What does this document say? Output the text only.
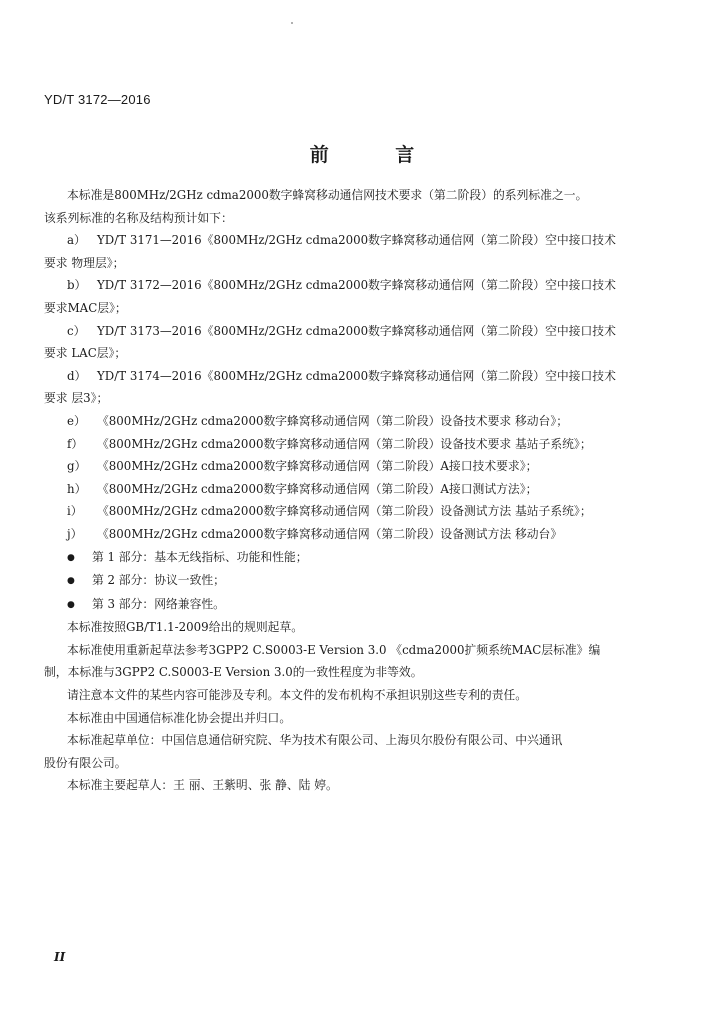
YD/T 3172—2016
前 言

本标准是800MHz/2GHz cdma2000数字蜂窝移动通信网技术要求（第二阶段）的系列标准之一。

该系列标准的名称及结构预计如下：

a） YD/T 3171—2016《800MHz/2GHz cdma2000数字蜂窝移动通信网（第二阶段）空中接口技术

要求 物理层》；

b） YD/T 3172—2016《800MHz/2GHz cdma2000数字蜂窝移动通信网（第二阶段）空中接口技术

要求MAC层》；

c） YD/T 3173—2016《800MHz/2GHz cdma2000数字蜂窝移动通信网（第二阶段）空中接口技术

要求 LAC层》；

d） YD/T 3174—2016《800MHz/2GHz cdma2000数字蜂窝移动通信网（第二阶段）空中接口技术

要求 层3》；

e） 《800MHz/2GHz cdma2000数字蜂窝移动通信网（第二阶段）设备技术要求 移动台》；

f） 《800MHz/2GHz cdma2000数字蜂窝移动通信网（第二阶段）设备技术要求 基站子系统》；

g） 《800MHz/2GHz cdma2000数字蜂窝移动通信网（第二阶段）A接口技术要求》；

h） 《800MHz/2GHz cdma2000数字蜂窝移动通信网（第二阶段）A接口测试方法》；

i） 《800MHz/2GHz cdma2000数字蜂窝移动通信网（第二阶段）设备测试方法 基站子系统》；

j） 《800MHz/2GHz cdma2000数字蜂窝移动通信网（第二阶段）设备测试方法 移动台》

● 第 1 部分：基本无线指标、功能和性能；

● 第 2 部分：协议一致性；

● 第 3 部分：网络兼容性。

本标准按照GB/T1.1-2009给出的规则起草。

本标准使用重新起草法参考3GPP2 C.S0003-E Version 3.0 《cdma2000扩频系统MAC层标准》编

制，本标准与3GPP2 C.S0003-E Version 3.0的一致性程度为非等效。

请注意本文件的某些内容可能涉及专利。本文件的发布机构不承担识别这些专利的责任。

本标准由中国通信标准化协会提出并归口。

本标准起草单位：中国信息通信研究院、华为技术有限公司、上海贝尔股份有限公司、中兴通讯

股份有限公司。

本标准主要起草人：王 丽、王紫明、张 静、陆 婷。

II
